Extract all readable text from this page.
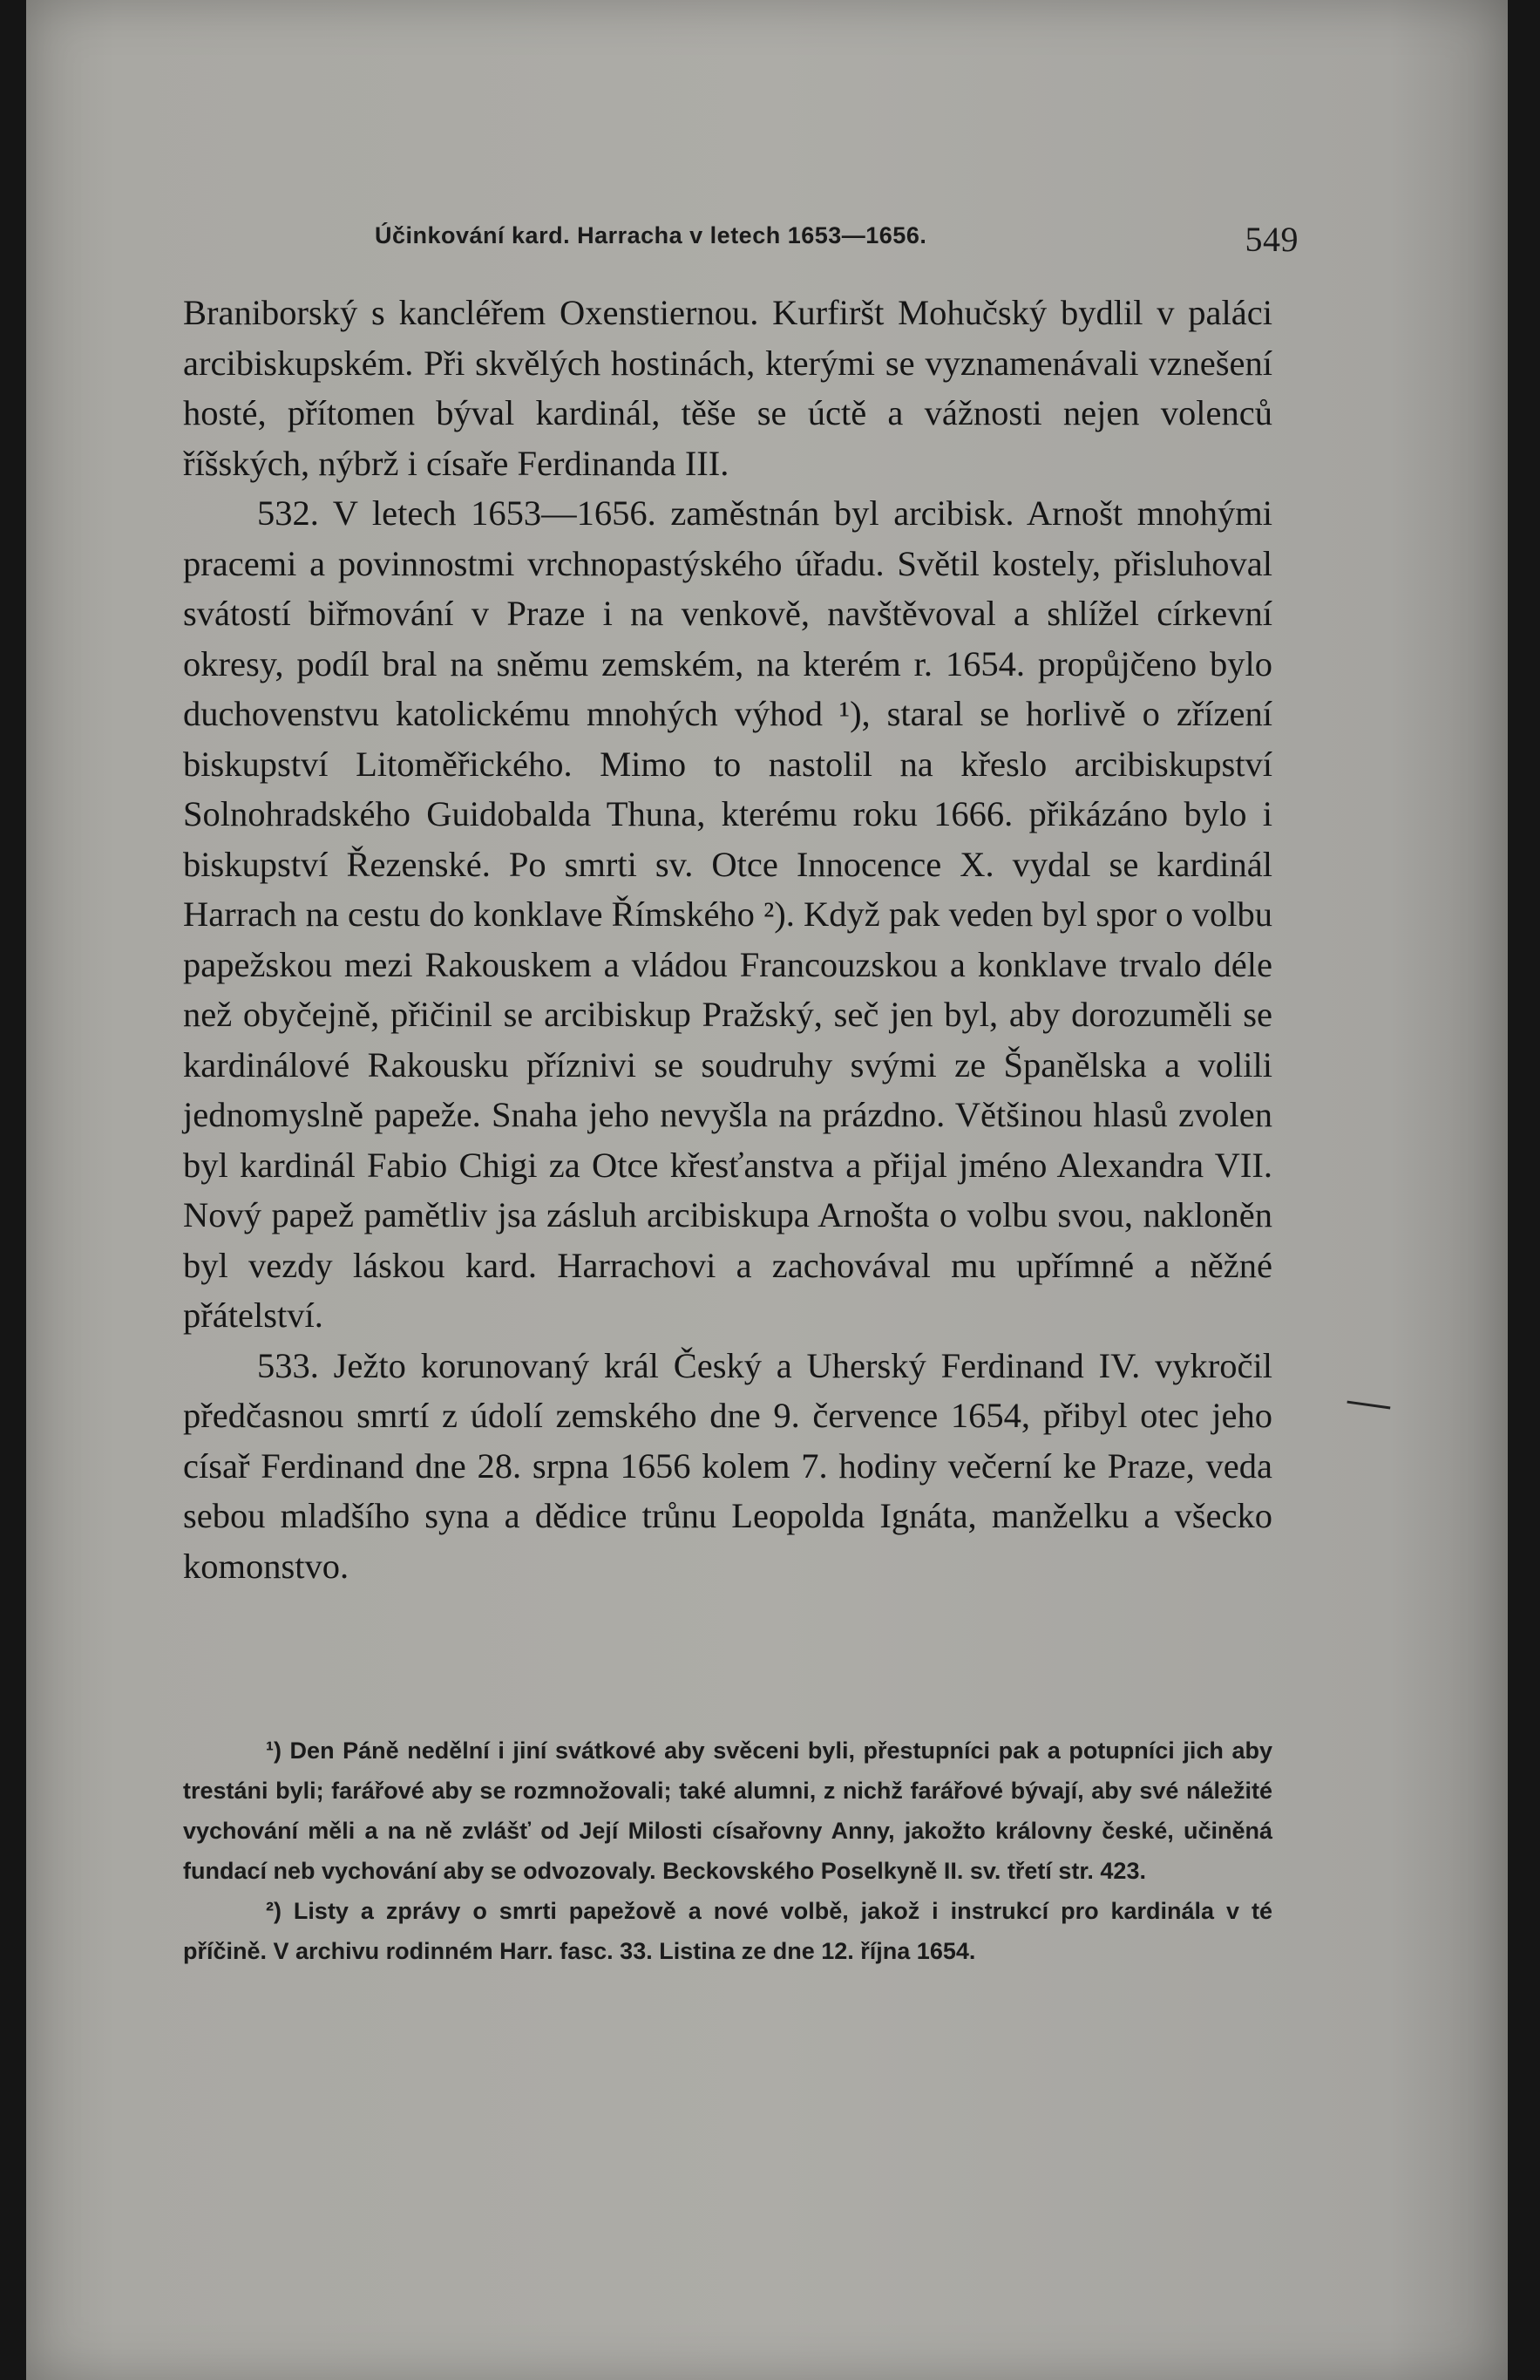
Účinkování kard. Harracha v letech 1653—1656.	549

Braniborský s kancléřem Oxenstiernou. Kurfiršt Mohučský bydlil v paláci arcibiskupském. Při skvělých hostinách, kterými se vyznamenávali vznešení hosté, přítomen býval kardinál, těše se úctě a vážnosti nejen volenců říšských, nýbrž i císaře Ferdinanda III.

532. V letech 1653—1656. zaměstnán byl arcibisk. Arnošt mnohými pracemi a povinnostmi vrchnopastýského úřadu. Světil kostely, přisluhoval svátostí biřmování v Praze i na venkově, navštěvoval a shlížel církevní okresy, podíl bral na sněmu zemském, na kterém r. 1654. propůjčeno bylo duchovenstvu katolickému mnohých výhod ¹), staral se horlivě o zřízení biskupství Litoměřického. Mimo to nastolil na křeslo arcibiskupství Solnohradského Guidobalda Thuna, kterému roku 1666. přikázáno bylo i biskupství Řezenské. Po smrti sv. Otce Innocence X. vydal se kardinál Harrach na cestu do konklave Římského ²). Když pak veden byl spor o volbu papežskou mezi Rakouskem a vládou Francouzskou a konklave trvalo déle než obyčejně, přičinil se arcibiskup Pražský, seč jen byl, aby dorozuměli se kardinálové Rakousku příznivi se soudruhy svými ze Španělska a volili jednomyslně papeže. Snaha jeho nevyšla na prázdno. Většinou hlasů zvolen byl kardinál Fabio Chigi za Otce křesťanstva a přijal jméno Alexandra VII. Nový papež pamětliv jsa zásluh arcibiskupa Arnošta o volbu svou, nakloněn byl vezdy láskou kard. Harrachovi a zachovával mu upřímné a něžné přátelství.

533. Ježto korunovaný král Český a Uherský Ferdinand IV. vykročil předčasnou smrtí z údolí zemského dne 9. července 1654, přibyl otec jeho císař Ferdinand dne 28. srpna 1656 kolem 7. hodiny večerní ke Praze, veda sebou mladšího syna a dědice trůnu Leopolda Ignáta, manželku a všecko komonstvo.

¹) Den Páně nedělní i jiní svátkové aby svěceni byli, přestupníci pak a potupníci jich aby trestáni byli; farářové aby se rozmnožovali; také alumni, z nichž farářové bývají, aby své náležité vychování měli a na ně zvlášť od Její Milosti císařovny Anny, jakožto královny české, učiněná fundací neb vychování aby se odvozovaly. Beckovského Poselkyně II. sv. třetí str. 423.

²) Listy a zprávy o smrti papežově a nové volbě, jakož i instrukcí pro kardinála v té příčině. V archivu rodinném Harr. fasc. 33. Listina ze dne 12. října 1654.
